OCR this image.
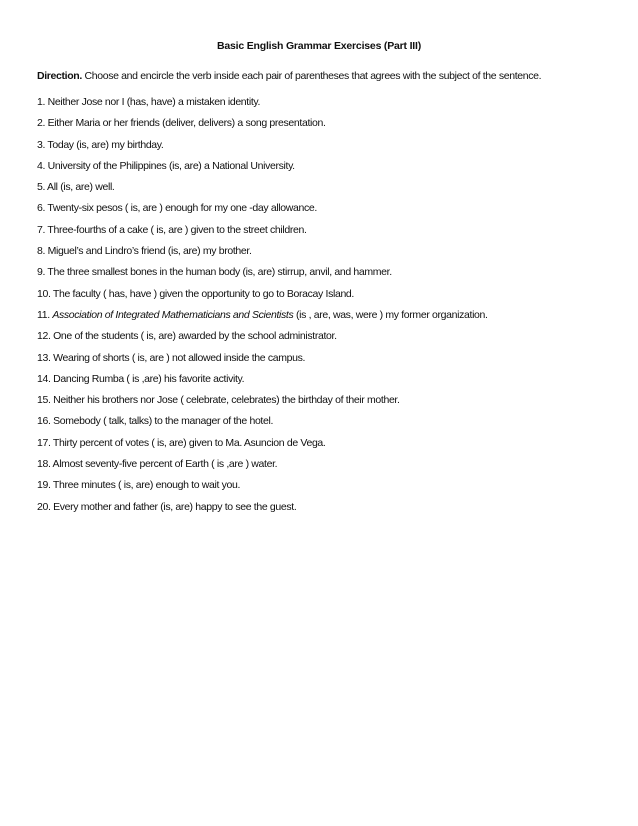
Basic English Grammar Exercises (Part III)
Direction. Choose and encircle the verb inside each pair of parentheses that agrees with the subject of the sentence.
1. Neither Jose nor I (has, have) a mistaken identity.
2. Either Maria or her friends (deliver, delivers) a song presentation.
3. Today (is, are) my birthday.
4. University of the Philippines (is, are) a National University.
5. All (is, are) well.
6. Twenty-six pesos ( is, are ) enough for my one -day allowance.
7. Three-fourths of a cake ( is, are ) given to the street children.
8. Miguel’s and Lindro’s friend (is, are) my brother.
9. The three smallest bones in the human body (is, are) stirrup, anvil, and hammer.
10. The faculty ( has, have ) given the opportunity to go to Boracay Island.
11. Association of Integrated Mathematicians and Scientists (is , are, was, were ) my former organization.
12. One of the students ( is, are) awarded by the school administrator.
13. Wearing of shorts ( is, are ) not allowed inside the campus.
14. Dancing Rumba ( is ,are) his favorite activity.
15. Neither his brothers nor Jose ( celebrate, celebrates) the birthday of their mother.
16. Somebody ( talk, talks) to the manager of the hotel.
17. Thirty percent of votes ( is, are) given to Ma. Asuncion de Vega.
18. Almost seventy-five percent of Earth ( is ,are ) water.
19. Three minutes ( is, are) enough to wait you.
20. Every mother and father (is, are) happy to see the guest.
